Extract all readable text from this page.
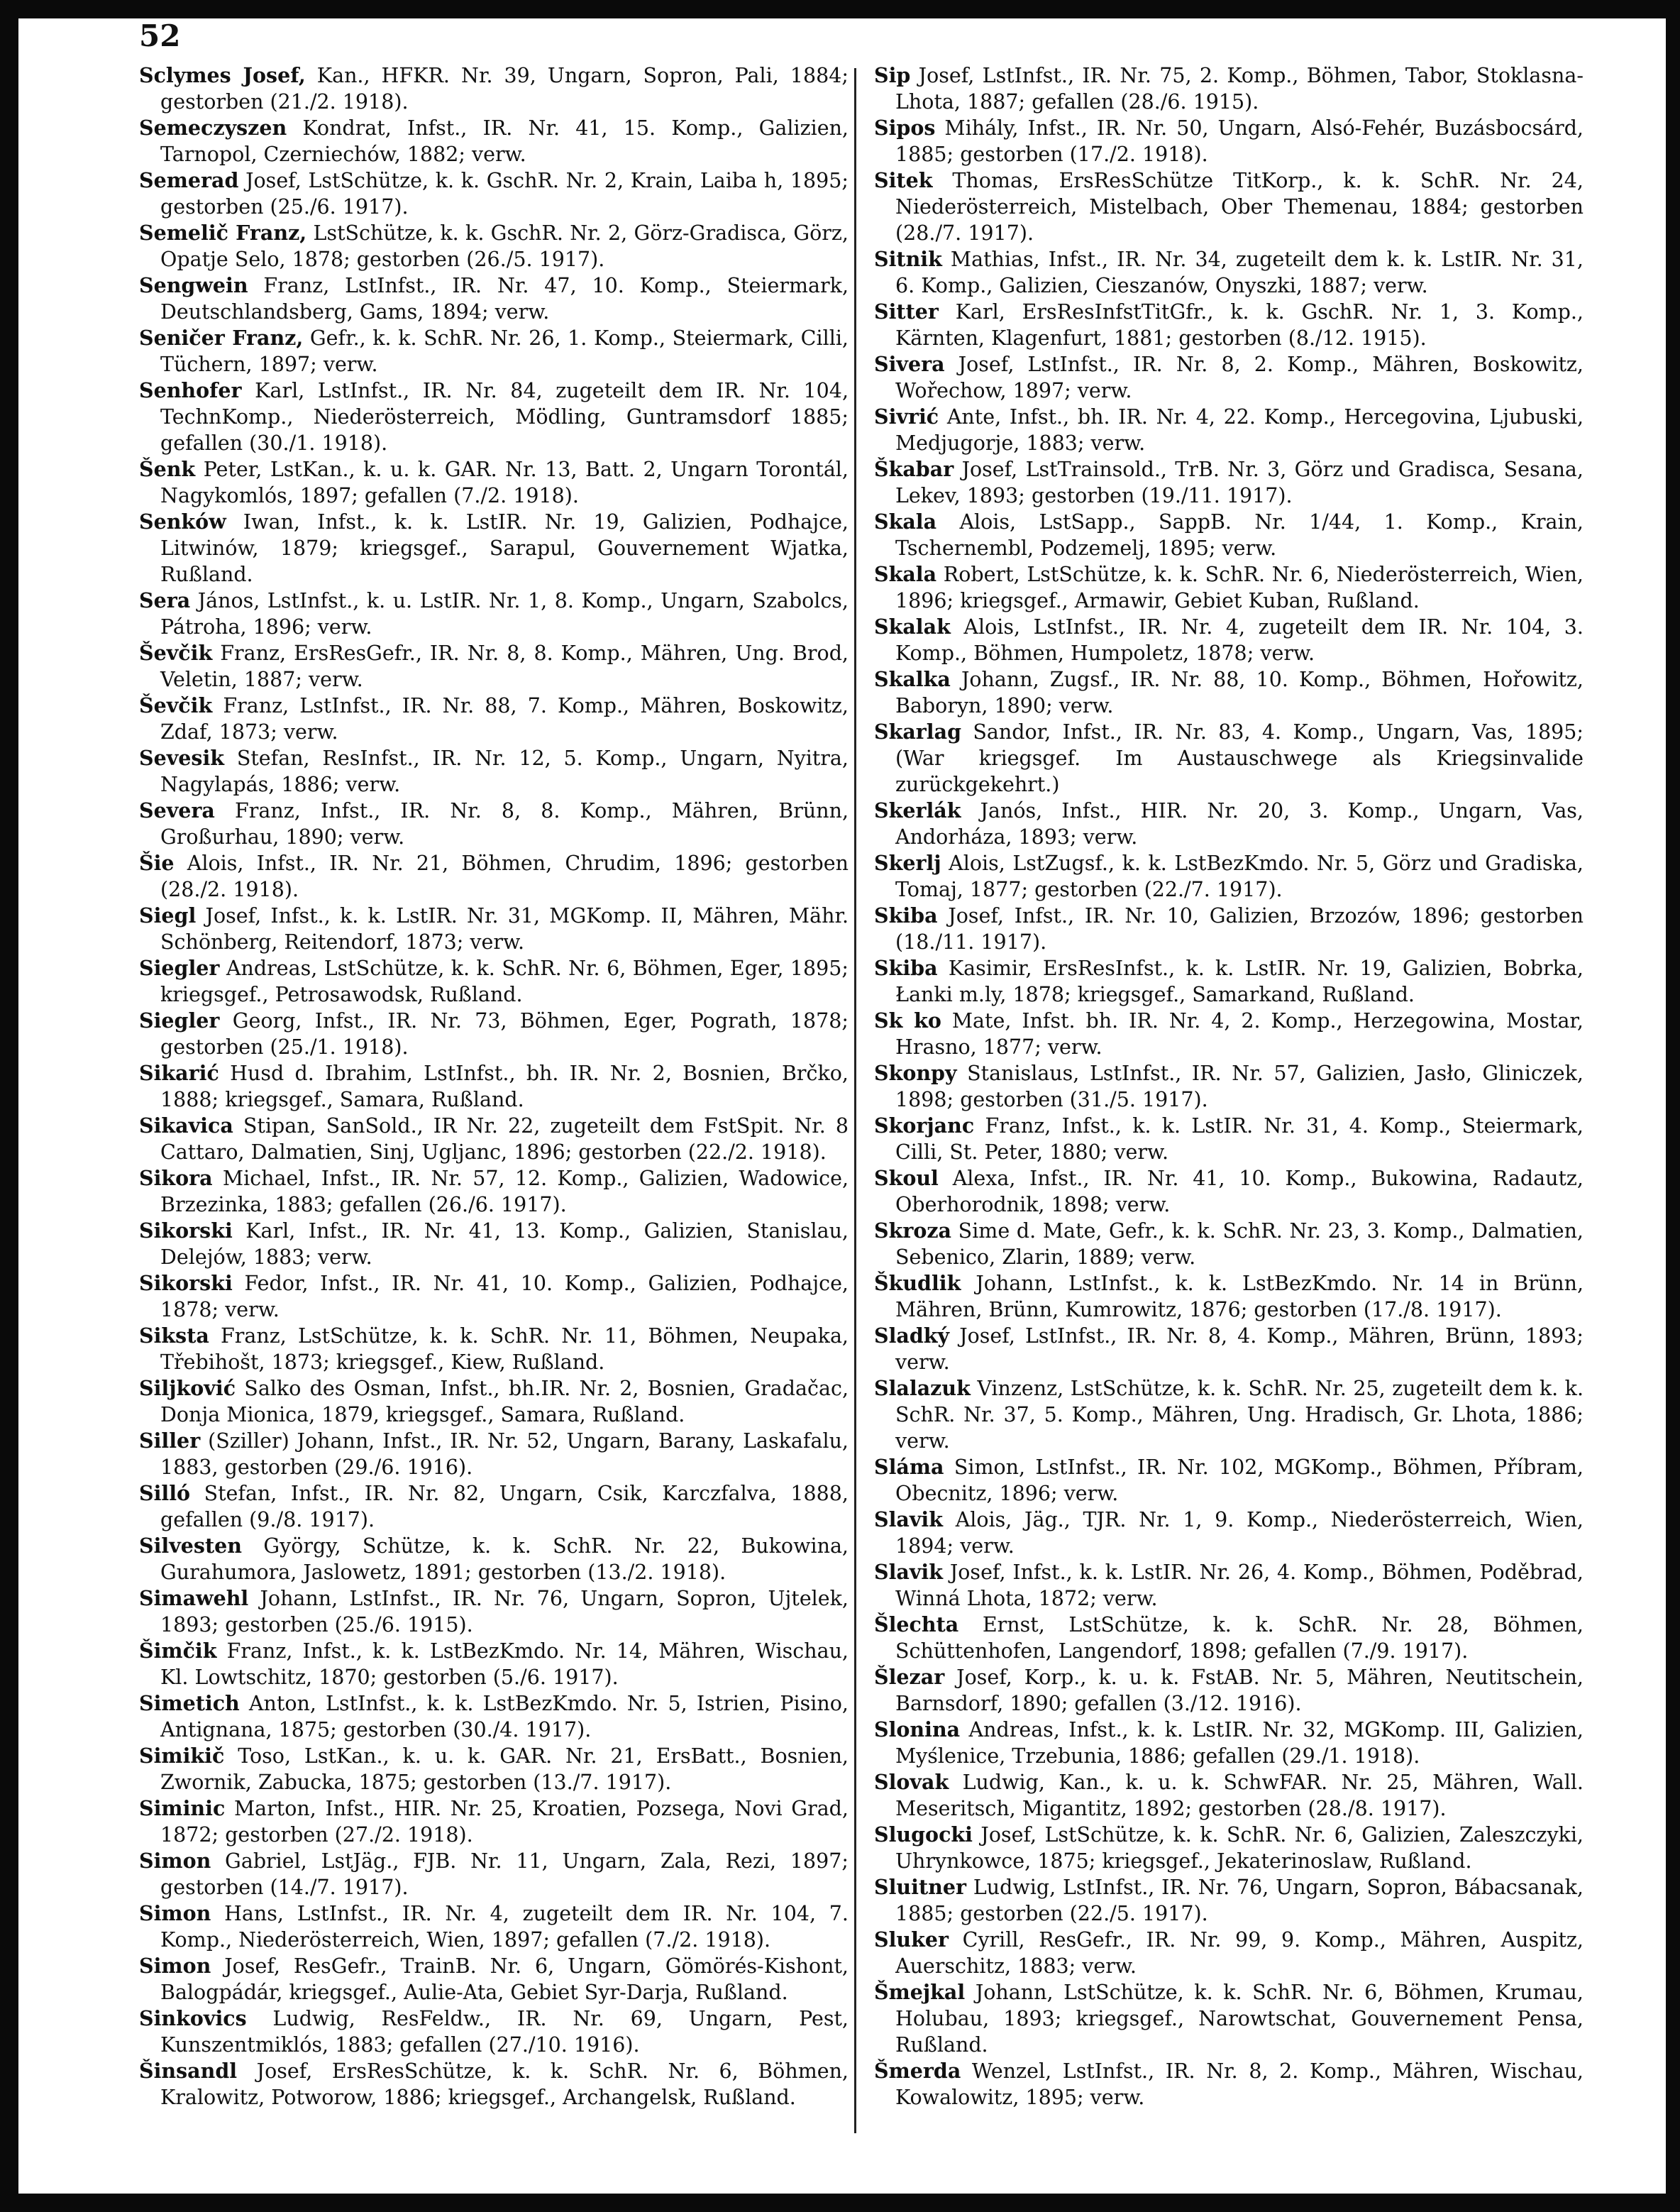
52
Sclymes Josef, Kan., HFKR. Nr. 39, Ungarn, Sopron, Pali, 1884; gestorben (21./2. 1918).
Semeczyszen Kondrat, Infst., IR. Nr. 41, 15. Komp., Galizien, Tarnopol, Czerniechów, 1882; verw.
Semerad Josef, LstSchütze, k. k. GschR. Nr. 2, Krain, Laiba h, 1895; gestorben (25./6. 1917).
Semelič Franz, LstSchütze, k. k. GschR. Nr. 2, Görz-Gradisca, Görz, Opatje Selo, 1878; gestorben (26./5. 1917).
Sengwein Franz, LstInfst., IR. Nr. 47, 10. Komp., Steiermark, Deutschlandsberg, Gams, 1894; verw.
Seničer Franz, Gefr., k. k. SchR. Nr. 26, 1. Komp., Steiermark, Cilli, Tüchern, 1897; verw.
Senhofer Karl, LstInfst., IR. Nr. 84, zugeteilt dem IR. Nr. 104, TechnKomp., Niederösterreich, Mödling, Guntramsdorf 1885; gefallen (30./1. 1918).
Šenk Peter, LstKan., k. u. k. GAR. Nr. 13, Batt. 2, Ungarn Torontál, Nagykomlós, 1897; gefallen (7./2. 1918).
Senków Iwan, Infst., k. k. LstIR. Nr. 19, Galizien, Podhajce, Litwinów, 1879; kriegsgef., Sarapul, Gouvernement Wjatka, Rußland.
Sera János, LstInfst., k. u. LstIR. Nr. 1, 8. Komp., Ungarn, Szabolcs, Pátroha, 1896; verw.
Ševčik Franz, ErsResGefr., IR. Nr. 8, 8. Komp., Mähren, Ung. Brod, Veletin, 1887; verw.
Ševčik Franz, LstInfst., IR. Nr. 88, 7. Komp., Mähren, Boskowitz, Zdaf, 1873; verw.
Sevesik Stefan, ResInfst., IR. Nr. 12, 5. Komp., Ungarn, Nyitra, Nagylapás, 1886; verw.
Severa Franz, Infst., IR. Nr. 8, 8. Komp., Mähren, Brünn, Großurhau, 1890; verw.
Šie Alois, Infst., IR. Nr. 21, Böhmen, Chrudim, 1896; gestorben (28./2. 1918).
Siegl Josef, Infst., k. k. LstIR. Nr. 31, MGKomp. II, Mähren, Mähr. Schönberg, Reitendorf, 1873; verw.
Siegler Andreas, LstSchütze, k. k. SchR. Nr. 6, Böhmen, Eger, 1895; kriegsgef., Petrosawodsk, Rußland.
Siegler Georg, Infst., IR. Nr. 73, Böhmen, Eger, Pograth, 1878; gestorben (25./1. 1918).
Sikarić Husd d. Ibrahim, LstInfst., bh. IR. Nr. 2, Bosnien, Brčko, 1888; kriegsgef., Samara, Rußland.
Sikavica Stipan, SanSold., IR Nr. 22, zugeteilt dem FstSpit. Nr. 8 Cattaro, Dalmatien, Sinj, Ugljanc, 1896; gestorben (22./2. 1918).
Sikora Michael, Infst., IR. Nr. 57, 12. Komp., Galizien, Wadowice, Brzezinka, 1883; gefallen (26./6. 1917).
Sikorski Karl, Infst., IR. Nr. 41, 13. Komp., Galizien, Stanislau, Delejów, 1883; verw.
Sikorski Fedor, Infst., IR. Nr. 41, 10. Komp., Galizien, Podhajce, 1878; verw.
Siksta Franz, LstSchütze, k. k. SchR. Nr. 11, Böhmen, Neupaka, Třebihošt, 1873; kriegsgef., Kiew, Rußland.
Siljković Salko des Osman, Infst., bh.IR. Nr. 2, Bosnien, Gradačac, Donja Mionica, 1879, kriegsgef., Samara, Rußland.
Siller (Sziller) Johann, Infst., IR. Nr. 52, Ungarn, Barany, Laskafalu, 1883, gestorben (29./6. 1916).
Silló Stefan, Infst., IR. Nr. 82, Ungarn, Csik, Karczfalva, 1888, gefallen (9./8. 1917).
Silvesten György, Schütze, k. k. SchR. Nr. 22, Bukowina, Gurahumora, Jaslowetz, 1891; gestorben (13./2. 1918).
Simawehl Johann, LstInfst., IR. Nr. 76, Ungarn, Sopron, Ujtelek, 1893; gestorben (25./6. 1915).
Šimčik Franz, Infst., k. k. LstBezKmdo. Nr. 14, Mähren, Wischau, Kl. Lowtschitz, 1870; gestorben (5./6. 1917).
Simetich Anton, LstInfst., k. k. LstBezKmdo. Nr. 5, Istrien, Pisino, Antignana, 1875; gestorben (30./4. 1917).
Simikič Toso, LstKan., k. u. k. GAR. Nr. 21, ErsBatt., Bosnien, Zwornik, Zabucka, 1875; gestorben (13./7. 1917).
Siminic Marton, Infst., HIR. Nr. 25, Kroatien, Pozsega, Novi Grad, 1872; gestorben (27./2. 1918).
Simon Gabriel, LstJäg., FJB. Nr. 11, Ungarn, Zala, Rezi, 1897; gestorben (14./7. 1917).
Simon Hans, LstInfst., IR. Nr. 4, zugeteilt dem IR. Nr. 104, 7. Komp., Niederösterreich, Wien, 1897; gefallen (7./2. 1918).
Simon Josef, ResGefr., TrainB. Nr. 6, Ungarn, Gömörés-Kishont, Balogpádár, kriegsgef., Aulie-Ata, Gebiet Syr-Darja, Rußland.
Sinkovics Ludwig, ResFeldw., IR. Nr. 69, Ungarn, Pest, Kunszentmiklós, 1883; gefallen (27./10. 1916).
Šinsandl Josef, ErsResSchütze, k. k. SchR. Nr. 6, Böhmen, Kralowitz, Potworow, 1886; kriegsgef., Archangelsk, Rußland.
Sip Josef, LstInfst., IR. Nr. 75, 2. Komp., Böhmen, Tabor, Stoklasna-Lhota, 1887; gefallen (28./6. 1915).
Sipos Mihály, Infst., IR. Nr. 50, Ungarn, Alsó-Fehér, Buzásbocsárd, 1885; gestorben (17./2. 1918).
Sitek Thomas, ErsResSchütze TitKorp., k. k. SchR. Nr. 24, Niederösterreich, Mistelbach, Ober Themenau, 1884; gestorben (28./7. 1917).
Sitnik Mathias, Infst., IR. Nr. 34, zugeteilt dem k. k. LstIR. Nr. 31, 6. Komp., Galizien, Cieszanów, Onyszki, 1887; verw.
Sitter Karl, ErsResInfstTitGfr., k. k. GschR. Nr. 1, 3. Komp., Kärnten, Klagenfurt, 1881; gestorben (8./12. 1915).
Sivera Josef, LstInfst., IR. Nr. 8, 2. Komp., Mähren, Boskowitz, Wořechow, 1897; verw.
Sivrić Ante, Infst., bh. IR. Nr. 4, 22. Komp., Hercegovina, Ljubuski, Medjugorje, 1883; verw.
Škabar Josef, LstTrainsold., TrB. Nr. 3, Görz und Gradisca, Sesana, Lekev, 1893; gestorben (19./11. 1917).
Skala Alois, LstSapp., SappB. Nr. 1/44, 1. Komp., Krain, Tschernembl, Podzemelj, 1895; verw.
Skala Robert, LstSchütze, k. k. SchR. Nr. 6, Niederösterreich, Wien, 1896; kriegsgef., Armawir, Gebiet Kuban, Rußland.
Skalak Alois, LstInfst., IR. Nr. 4, zugeteilt dem IR. Nr. 104, 3. Komp., Böhmen, Humpoletz, 1878; verw.
Skalka Johann, Zugsf., IR. Nr. 88, 10. Komp., Böhmen, Hořowitz, Baboryn, 1890; verw.
Skarlag Sandor, Infst., IR. Nr. 83, 4. Komp., Ungarn, Vas, 1895; (War kriegsgef. Im Austauschwege als Kriegsinvalide zurückgekehrt.)
Skerlák Janós, Infst., HIR. Nr. 20, 3. Komp., Ungarn, Vas, Andorháza, 1893; verw.
Skerlj Alois, LstZugsf., k. k. LstBezKmdo. Nr. 5, Görz und Gradiska, Tomaj, 1877; gestorben (22./7. 1917).
Skiba Josef, Infst., IR. Nr. 10, Galizien, Brzozów, 1896; gestorben (18./11. 1917).
Skiba Kasimir, ErsResInfst., k. k. LstIR. Nr. 19, Galizien, Bobrka, Łanki m.ly, 1878; kriegsgef., Samarkand, Rußland.
Sk ko Mate, Infst. bh. IR. Nr. 4, 2. Komp., Herzegowina, Mostar, Hrasno, 1877; verw.
Skonpy Stanislaus, LstInfst., IR. Nr. 57, Galizien, Jasło, Gliniczek, 1898; gestorben (31./5. 1917).
Skorjanc Franz, Infst., k. k. LstIR. Nr. 31, 4. Komp., Steiermark, Cilli, St. Peter, 1880; verw.
Skoul Alexa, Infst., IR. Nr. 41, 10. Komp., Bukowina, Radautz, Oberhorodnik, 1898; verw.
Skroza Sime d. Mate, Gefr., k. k. SchR. Nr. 23, 3. Komp., Dalmatien, Sebenico, Zlarin, 1889; verw.
Škudlik Johann, LstInfst., k. k. LstBezKmdo. Nr. 14 in Brünn, Mähren, Brünn, Kumrowitz, 1876; gestorben (17./8. 1917).
Sladký Josef, LstInfst., IR. Nr. 8, 4. Komp., Mähren, Brünn, 1893; verw.
Slalazuk Vinzenz, LstSchütze, k. k. SchR. Nr. 25, zugeteilt dem k. k. SchR. Nr. 37, 5. Komp., Mähren, Ung. Hradisch, Gr. Lhota, 1886; verw.
Sláma Simon, LstInfst., IR. Nr. 102, MGKomp., Böhmen, Příbram, Obecnitz, 1896; verw.
Slavik Alois, Jäg., TJR. Nr. 1, 9. Komp., Niederösterreich, Wien, 1894; verw.
Slavik Josef, Infst., k. k. LstIR. Nr. 26, 4. Komp., Böhmen, Poděbrad, Winná Lhota, 1872; verw.
Šlechta Ernst, LstSchütze, k. k. SchR. Nr. 28, Böhmen, Schüttenhofen, Langendorf, 1898; gefallen (7./9. 1917).
Šlezar Josef, Korp., k. u. k. FstAB. Nr. 5, Mähren, Neutitschein, Barnsdorf, 1890; gefallen (3./12. 1916).
Slonina Andreas, Infst., k. k. LstIR. Nr. 32, MGKomp. III, Galizien, Myślenice, Trzebunia, 1886; gefallen (29./1. 1918).
Slovak Ludwig, Kan., k. u. k. SchwFAR. Nr. 25, Mähren, Wall. Meseritsch, Migantitz, 1892; gestorben (28./8. 1917).
Slugocki Josef, LstSchütze, k. k. SchR. Nr. 6, Galizien, Zaleszczyki, Uhrynkowce, 1875; kriegsgef., Jekaterinoslaw, Rußland.
Sluitner Ludwig, LstInfst., IR. Nr. 76, Ungarn, Sopron, Bábacsanak, 1885; gestorben (22./5. 1917).
Sluker Cyrill, ResGefr., IR. Nr. 99, 9. Komp., Mähren, Auspitz, Auerschitz, 1883; verw.
Šmejkal Johann, LstSchütze, k. k. SchR. Nr. 6, Böhmen, Krumau, Holubau, 1893; kriegsgef., Narowtschat, Gouvernement Pensa, Rußland.
Šmerda Wenzel, LstInfst., IR. Nr. 8, 2. Komp., Mähren, Wischau, Kowalowitz, 1895; verw.
